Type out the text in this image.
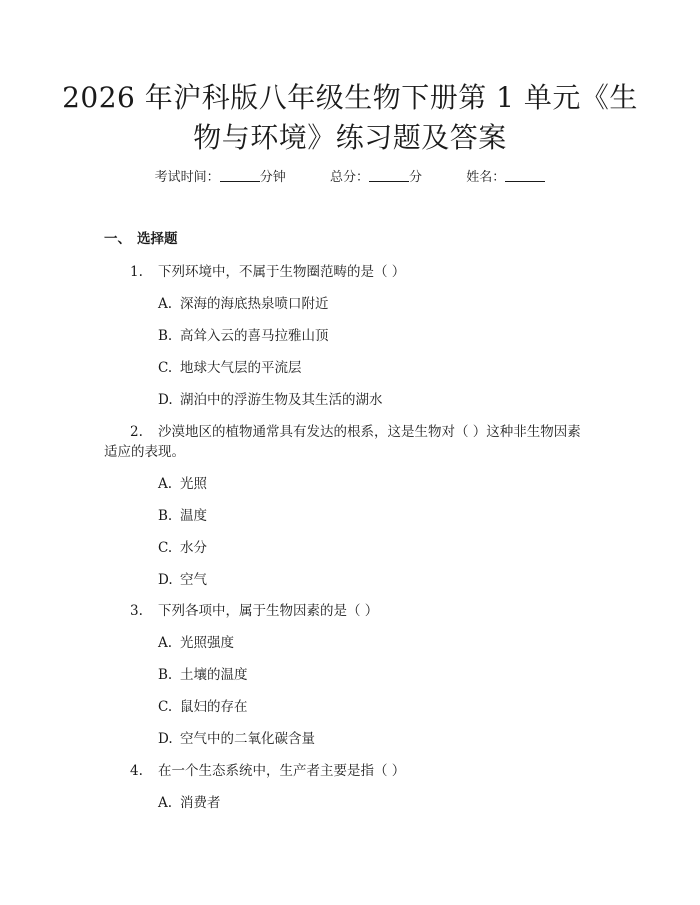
2026 年沪科版八年级生物下册第 1 单元《生
物与环境》练习题及答案
考试时间：	分钟	总分：	分	姓名：
一、 选择题
1. 下列环境中，不属于生物圈范畴的是（ ）
A. 深海的海底热泉喷口附近
B. 高耸入云的喜马拉雅山顶
C. 地球大气层的平流层
D. 湖泊中的浮游生物及其生活的湖水
2. 沙漠地区的植物通常具有发达的根系，这是生物对（ ）这种非生物因素
适应的表现。
A. 光照
B. 温度
C. 水分
D. 空气
3. 下列各项中，属于生物因素的是（ ）
A. 光照强度
B. 土壤的温度
C. 鼠妇的存在
D. 空气中的二氧化碳含量
4. 在一个生态系统中，生产者主要是指（ ）
A. 消费者
